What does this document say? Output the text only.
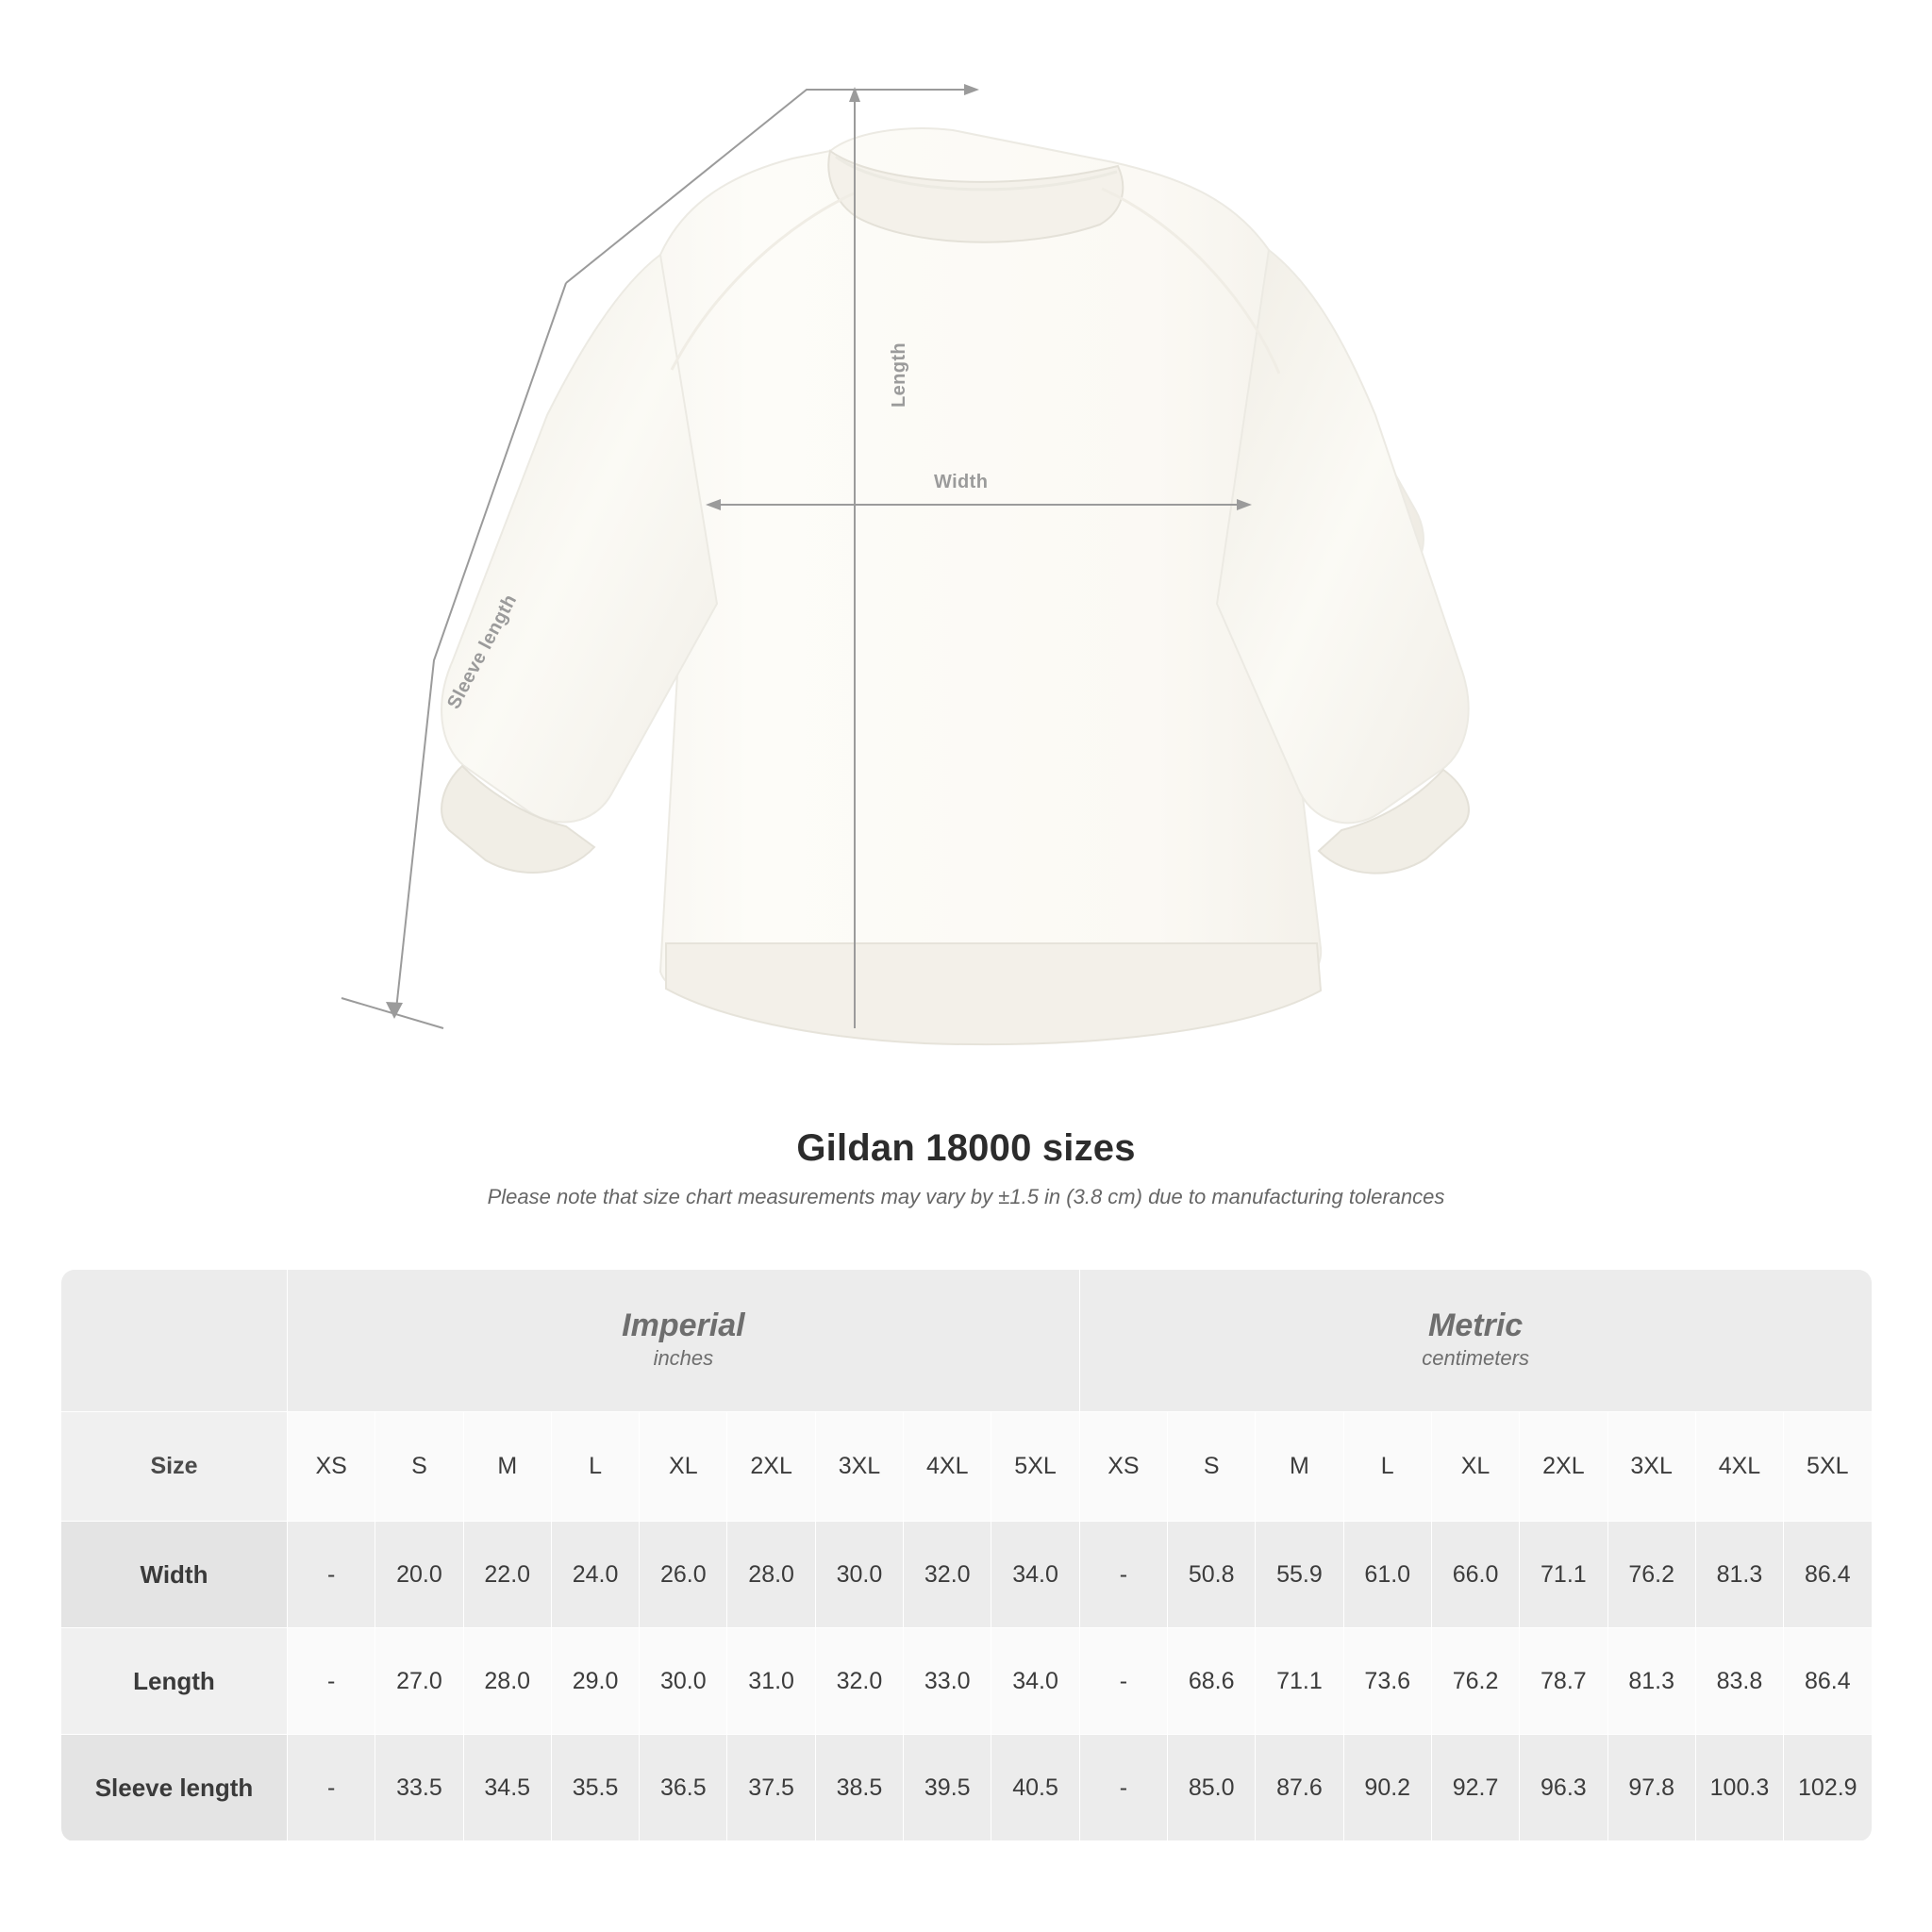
Length
Width
Sleeve length
Gildan 18000 sizes

Please note that size chart measurements may vary by ±1.5 in (3.8 cm) due to manufacturing tolerances

	Imperial
inches									Metric
centimeters								

Size	XS	S	M	L	XL	2XL	3XL	4XL	5XL	XS	S	M	L	XL	2XL	3XL	4XL	5XL
Width	-	20.0	22.0	24.0	26.0	28.0	30.0	32.0	34.0	-	50.8	55.9	61.0	66.0	71.1	76.2	81.3	86.4
Length	-	27.0	28.0	29.0	30.0	31.0	32.0	33.0	34.0	-	68.6	71.1	73.6	76.2	78.7	81.3	83.8	86.4
Sleeve length	-	33.5	34.5	35.5	36.5	37.5	38.5	39.5	40.5	-	85.0	87.6	90.2	92.7	96.3	97.8	100.3	102.9
